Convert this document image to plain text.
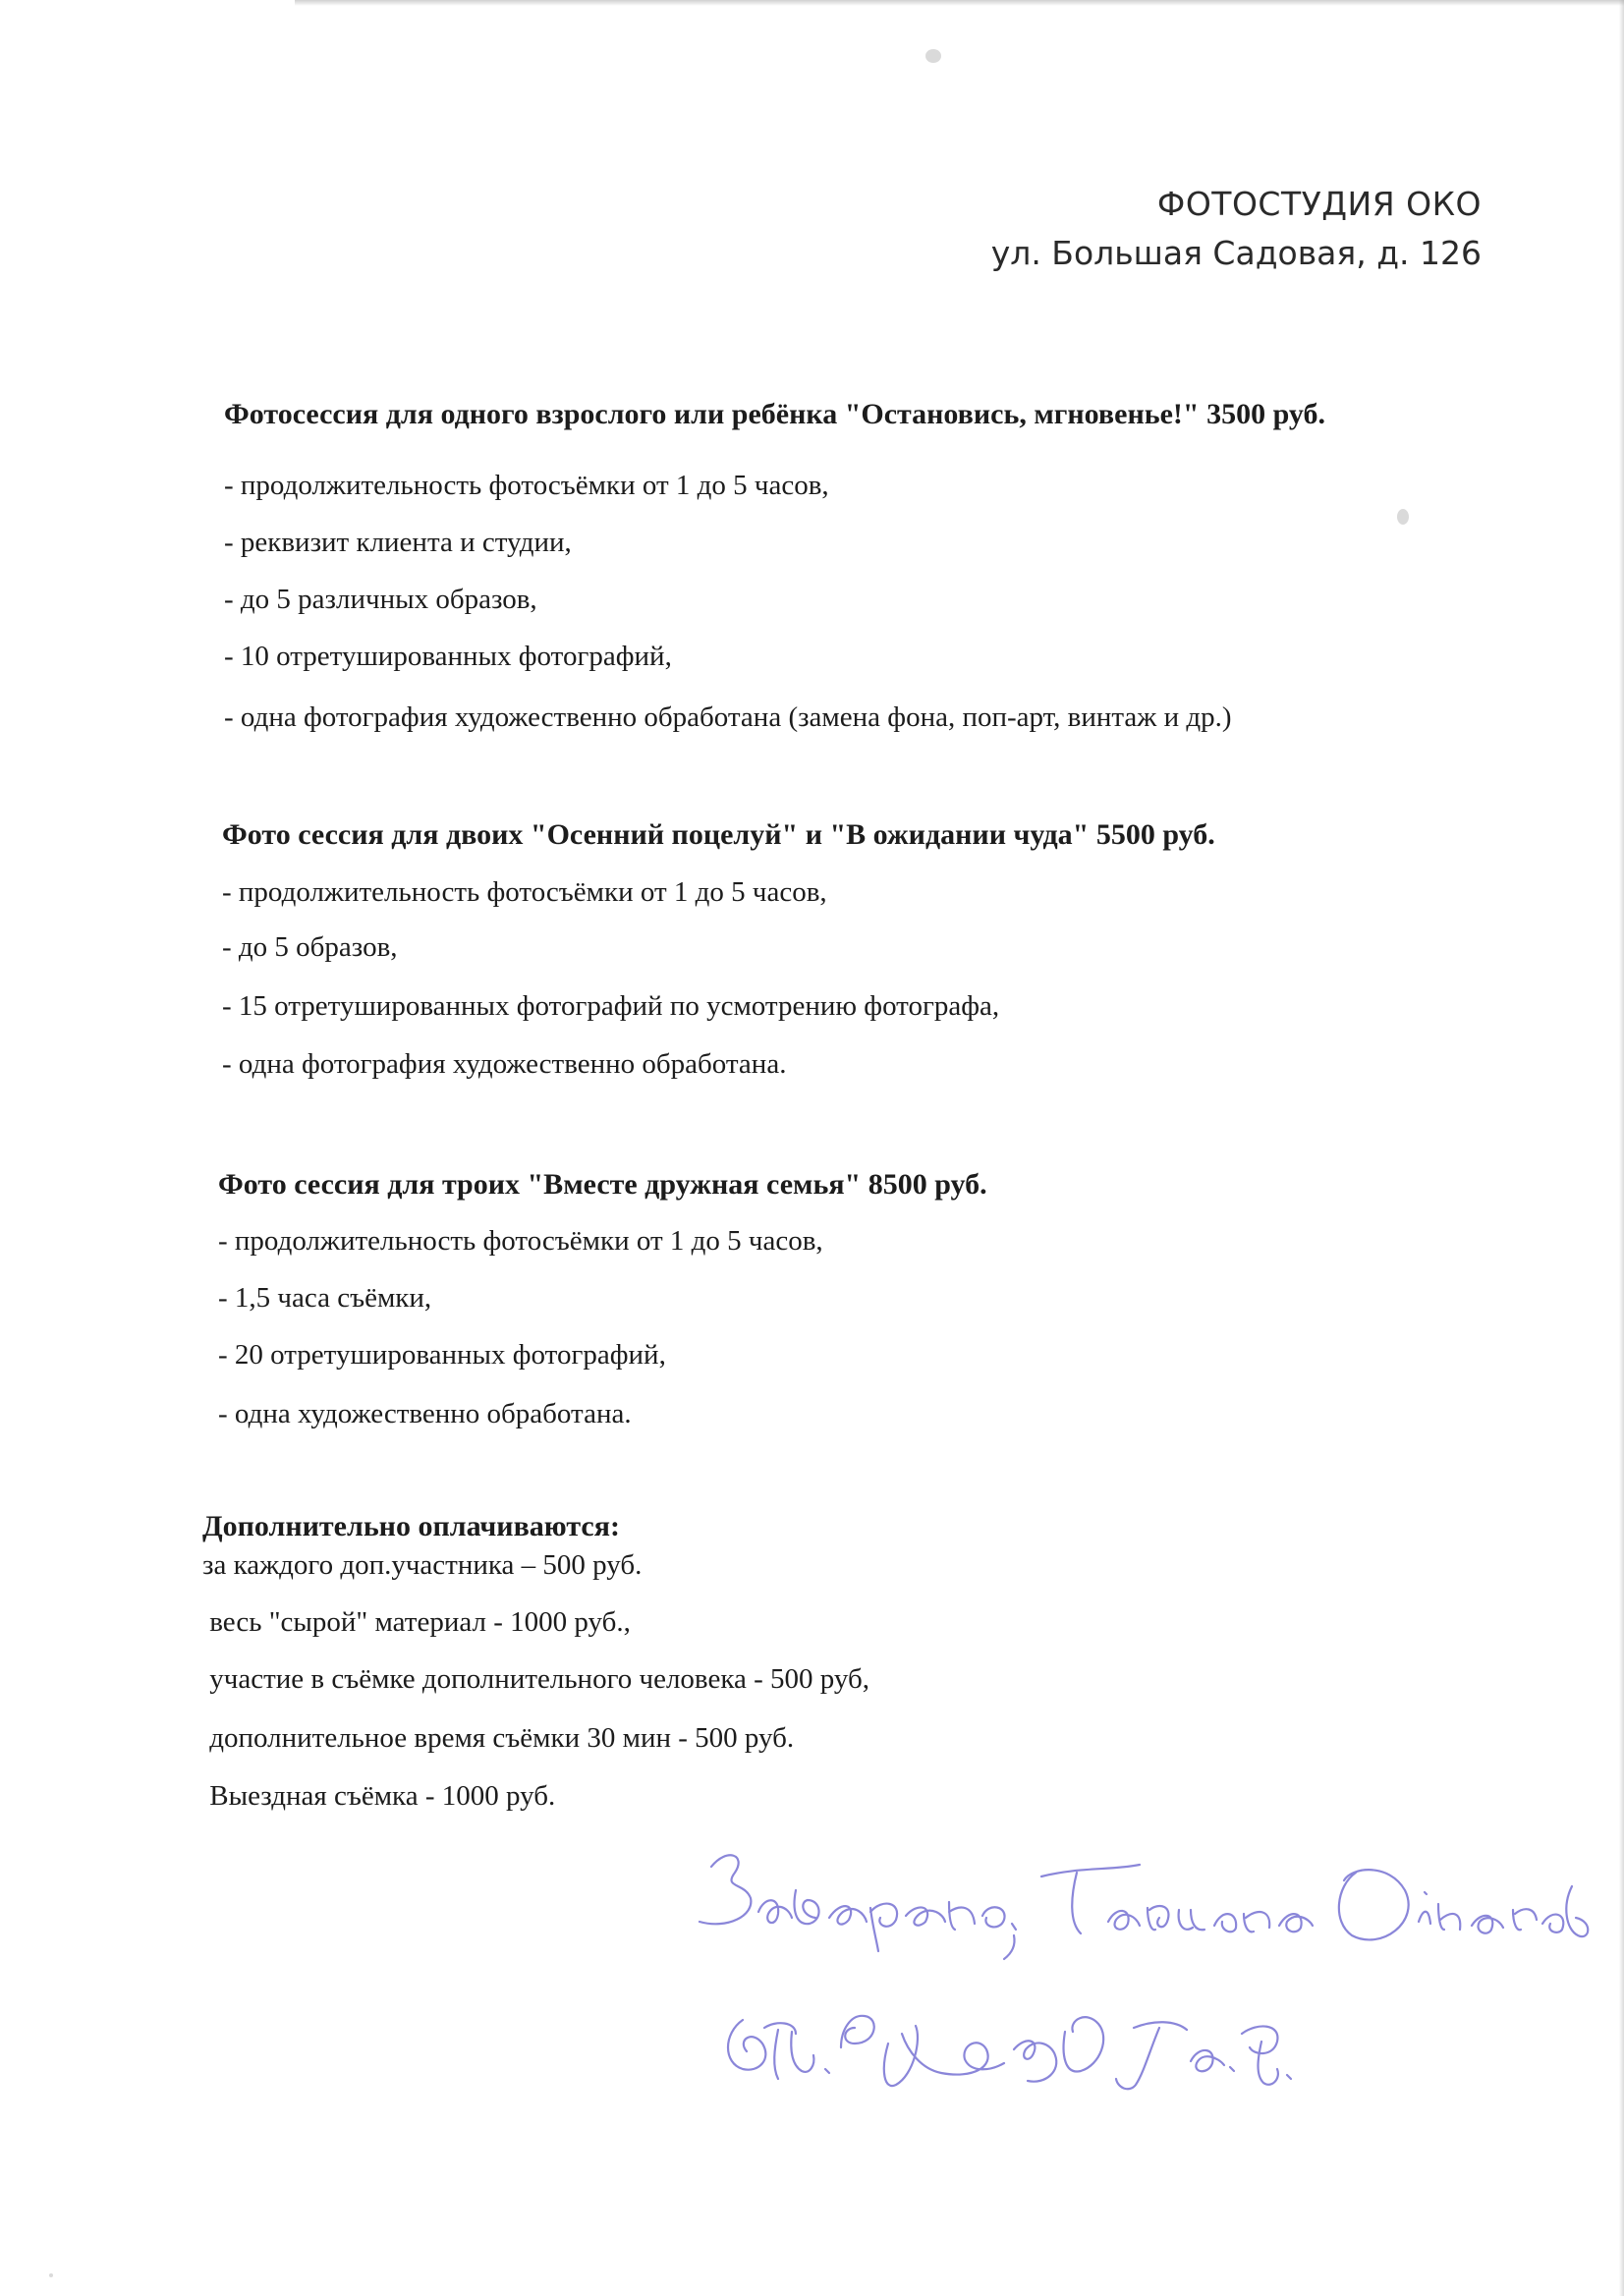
ФОТОСТУДИЯ ОКО
ул. Большая Садовая, д. 126
Фотосессия для одного взрослого или ребёнка "Остановись, мгновенье!" 3500 руб.
- продолжительность фотосъёмки от 1 до 5 часов,
- реквизит клиента и студии,
- до 5 различных образов,
- 10 отретушированных фотографий,
- одна фотография художественно обработана (замена фона, поп-арт, винтаж и др.)
Фото сессия для двоих "Осенний поцелуй" и "В ожидании чуда" 5500 руб.
- продолжительность фотосъёмки от 1 до 5 часов,
- до 5 образов,
- 15 отретушированных фотографий по усмотрению фотографа,
- одна фотография художественно обработана.
Фото сессия для троих "Вместе дружная семья" 8500 руб.
- продолжительность фотосъёмки от 1 до 5 часов,
- 1,5 часа съёмки,
- 20 отретушированных фотографий,
- одна художественно обработана.
Дополнительно оплачиваются:
за каждого доп.участника – 500 руб.
весь "сырой" материал - 1000 руб.,
участие в съёмке дополнительного человека - 500 руб,
дополнительное время съёмки 30 мин - 500 руб.
Выездная съёмка - 1000 руб.
